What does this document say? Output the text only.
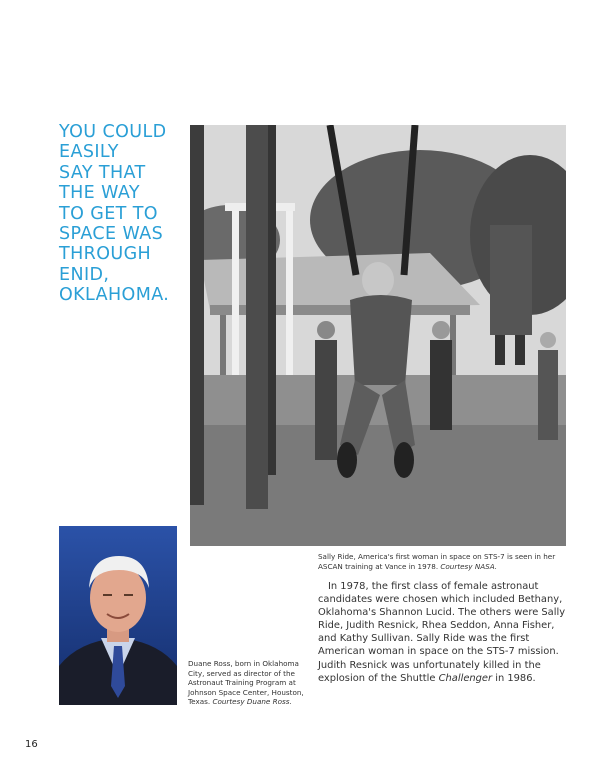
YOU COULD
EASILY
SAY THAT
THE WAY
TO GET TO
SPACE WAS
THROUGH
ENID,
OKLAHOMA.
Sally Ride, America's first woman in space on STS-7 is seen in her ASCAN training at Vance in 1978. Courtesy NASA.

In 1978, the first class of female astronaut candidates were chosen which included Bethany, Oklahoma's Shannon Lucid. The others were Sally Ride, Judith Resnick, Rhea Seddon, Anna Fisher, and Kathy Sullivan. Sally Ride was the first American woman in space on the STS-7 mission. Judith Resnick was unfortunately killed in the explosion of the Shuttle Challenger in 1986.

Duane Ross, born in Oklahoma City, served as director of the Astronaut Training Program at Johnson Space Center, Houston, Texas. Courtesy Duane Ross.
16
